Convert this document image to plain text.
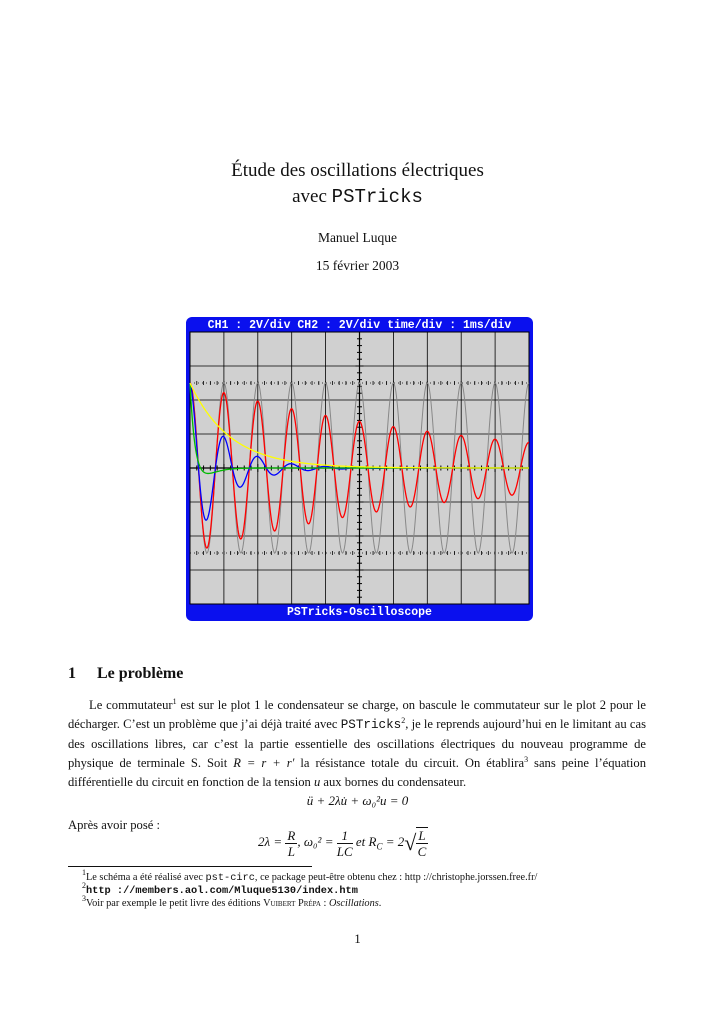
Étude des oscillations électriques
avec PSTricks
Manuel Luque
15 février 2003
CH1 : 2V/div CH2 : 2V/div time/div : 1ms/div
PSTricks-Oscilloscope
1 Le problème
Le commutateur$^1$ est sur le plot 1 le condensateur se charge, on bascule le commutateur sur le plot 2 pour le décharger. C’est un problème que j’ai déjà traité avec PSTricks$^2$, je le reprends aujourd’hui en le limitant au cas des oscillations libres, car c’est la partie essentielle des oscillations électriques du nouveau programme de physique de terminale S. Soit R = r + r′ la résistance totale du circuit. On établira$^3$ sans peine l’équation différentielle du circuit en fonction de la tension u aux bornes du condensateur.
ü + 2λu̇ + ω₀²u = 0
Après avoir posé :
$2\lambda = \frac{R}{L}$ , $\omega_0^2 = \frac{1}{LC}$ et $R_C = 2√ \frac{L}{C}$
$^1$Le schéma a été réalisé avec pst-circ, ce package peut-être obtenu chez : http ://christophe.jorssen.free.fr/
$^2$http ://members.aol.com/Mluque5130/index.htm
$^3$Voir par exemple le petit livre des éditions Vuibert Prépa : Oscillations.
1
